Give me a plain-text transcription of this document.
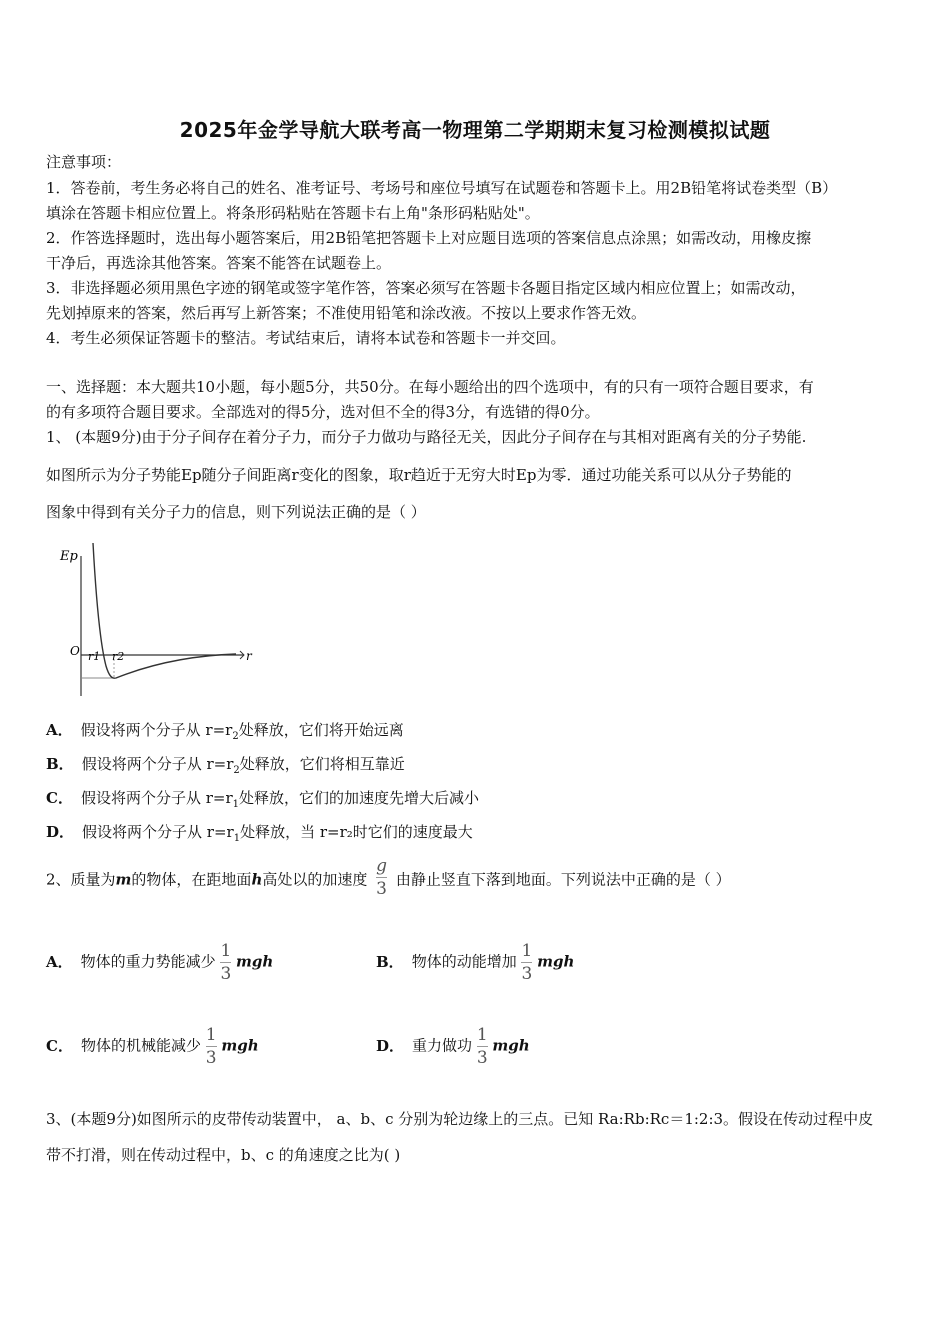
2025年金学导航大联考高一物理第二学期期末复习检测模拟试题
注意事项：
1．答卷前，考生务必将自己的姓名、准考证号、考场号和座位号填写在试题卷和答题卡上。用2B铅笔将试卷类型（B）
填涂在答题卡相应位置上。将条形码粘贴在答题卡右上角"条形码粘贴处"。
2．作答选择题时，选出每小题答案后，用2B铅笔把答题卡上对应题目选项的答案信息点涂黑；如需改动，用橡皮擦
干净后，再选涂其他答案。答案不能答在试题卷上。
3．非选择题必须用黑色字迹的钢笔或签字笔作答，答案必须写在答题卡各题目指定区域内相应位置上；如需改动，
先划掉原来的答案，然后再写上新答案；不准使用铅笔和涂改液。不按以上要求作答无效。
4．考生必须保证答题卡的整洁。考试结束后，请将本试卷和答题卡一并交回。
一、选择题：本大题共10小题，每小题5分，共50分。在每小题给出的四个选项中，有的只有一项符合题目要求，有
的有多项符合题目要求。全部选对的得5分，选对但不全的得3分，有选错的得0分。
1、 (本题9分)由于分子间存在着分子力，而分子力做功与路径无关，因此分子间存在与其相对距离有关的分子势能.
如图所示为分子势能Ep随分子间距离r变化的图象，取r趋近于无穷大时Ep为零．通过功能关系可以从分子势能的
图象中得到有关分子力的信息，则下列说法正确的是（ ）
Ep
r
O r1 r2
A． 假设将两个分子从 $r=r_2$处释放，它们将开始远离
B． 假设将两个分子从 $r=r_2$处释放，它们将相互靠近
C． 假设将两个分子从 $r=r_1$处释放，它们的加速度先增大后减小
D． 假设将两个分子从 $r=r_1$处释放，当 r=r₂时它们的速度最大
2、质量为m的物体，在距地面h高处以的加速度 $\frac{g}{3}$ 由静止竖直下落到地面。下列说法中正确的是（ ）
A． 物体的重力势能减少 $\frac{1}{3}$ mgh	B． 物体的动能增加 $\frac{1}{3}$ mgh
C． 物体的机械能减少 $\frac{1}{3}$ mgh	D． 重力做功 $\frac{1}{3}$ mgh
3、(本题9分)如图所示的皮带传动装置中， a、b、c 分别为轮边缘上的三点。已知 Ra:Rb:Rc＝1:2:3。假设在传动过程中皮
带不打滑，则在传动过程中，b、c 的角速度之比为( )
